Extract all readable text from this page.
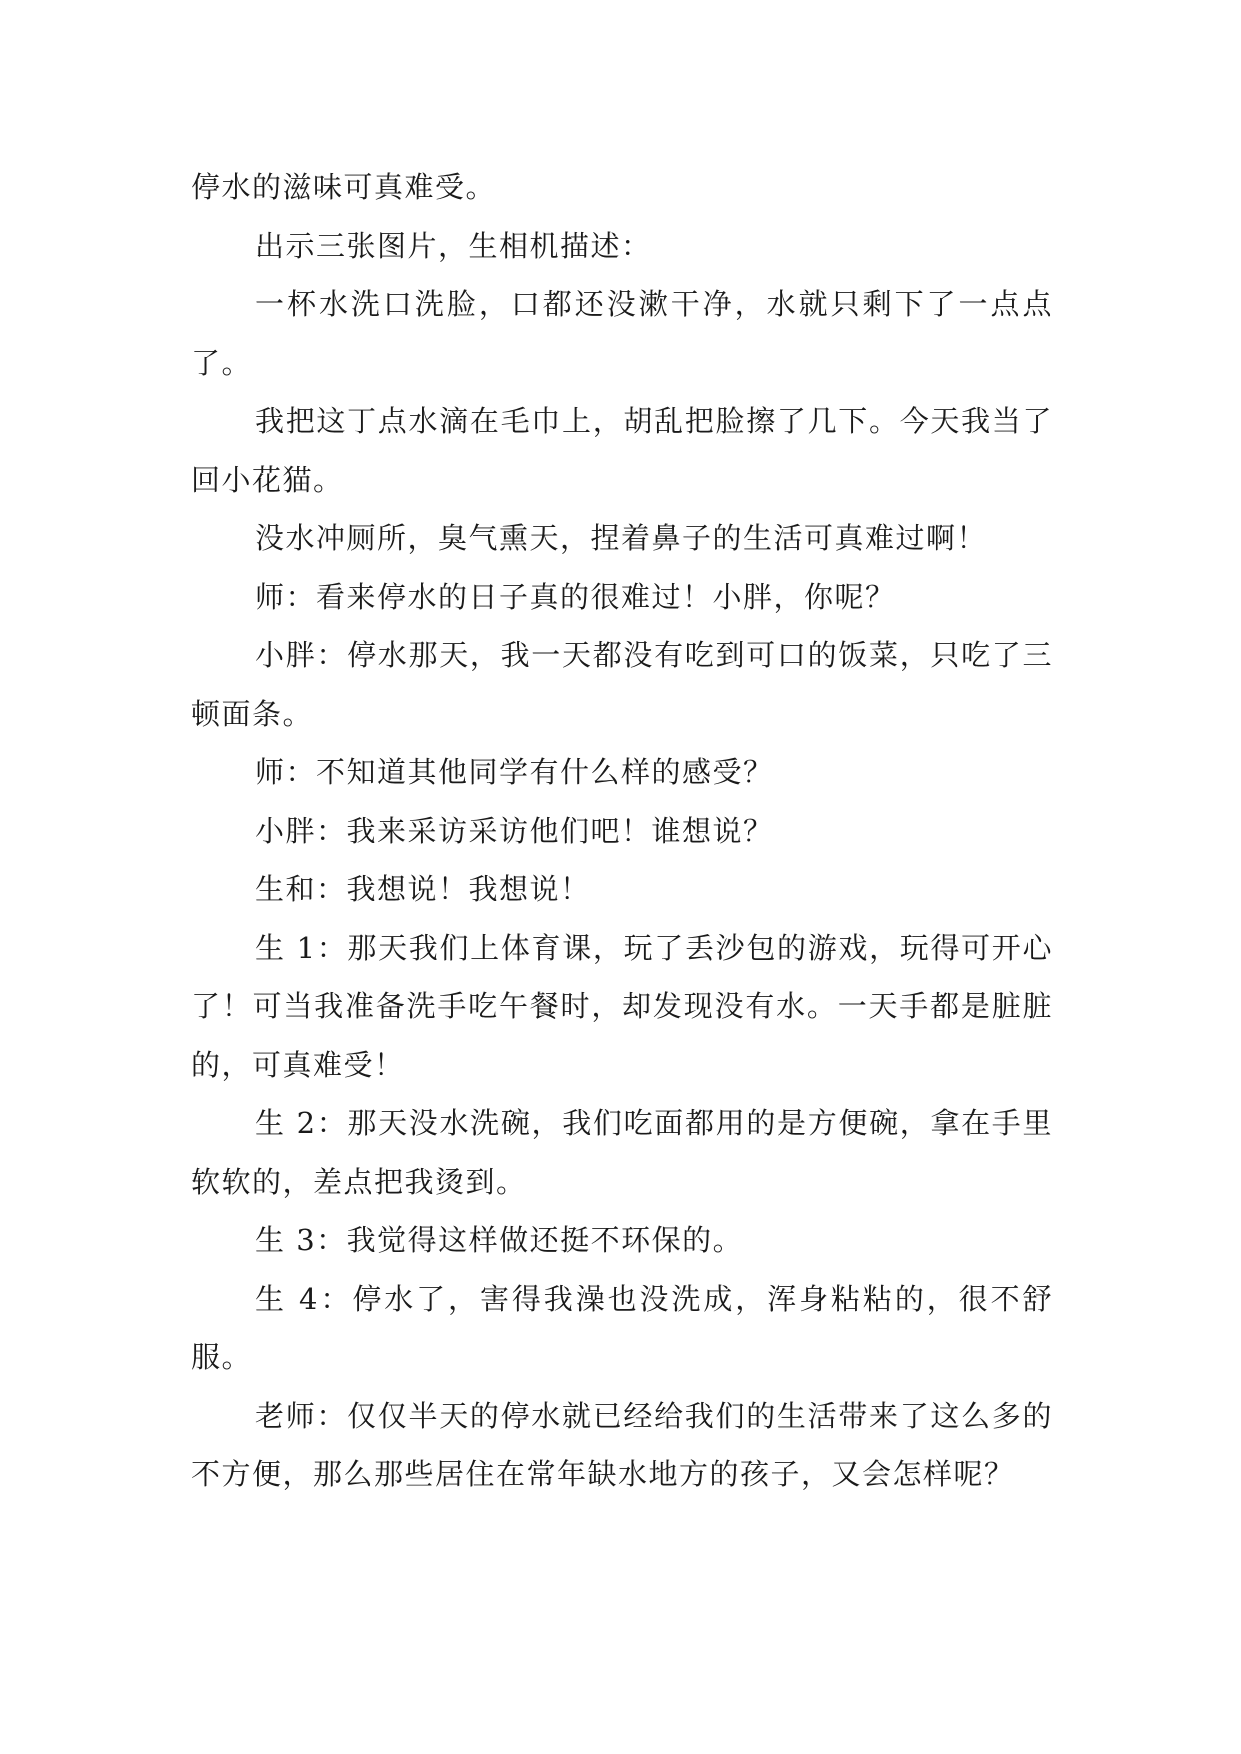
停水的滋味可真难受。

出示三张图片，生相机描述：

一杯水洗口洗脸，口都还没漱干净，水就只剩下了一点点了。

我把这丁点水滴在毛巾上，胡乱把脸擦了几下。今天我当了回小花猫。

没水冲厕所，臭气熏天，捏着鼻子的生活可真难过啊！

师：看来停水的日子真的很难过！小胖，你呢？

小胖：停水那天，我一天都没有吃到可口的饭菜，只吃了三顿面条。

师：不知道其他同学有什么样的感受？

小胖：我来采访采访他们吧！谁想说？

生和：我想说！我想说！

生 1：那天我们上体育课，玩了丢沙包的游戏，玩得可开心了！可当我准备洗手吃午餐时，却发现没有水。一天手都是脏脏的，可真难受！

生 2：那天没水洗碗，我们吃面都用的是方便碗，拿在手里软软的，差点把我烫到。

生 3：我觉得这样做还挺不环保的。

生 4：停水了，害得我澡也没洗成，浑身粘粘的，很不舒服。

老师：仅仅半天的停水就已经给我们的生活带来了这么多的不方便，那么那些居住在常年缺水地方的孩子，又会怎样呢？
